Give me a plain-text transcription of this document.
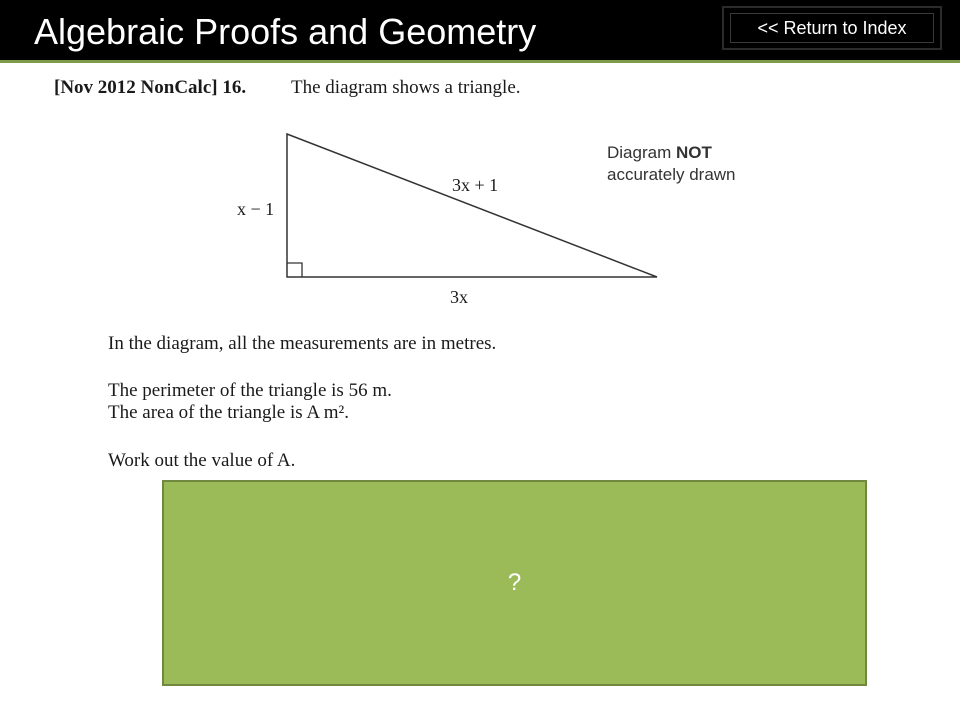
Algebraic Proofs and Geometry	<< Return to Index
[Nov 2012 NonCalc] 16. The diagram shows a triangle.
Diagram NOT
accurately drawn
x − 1
3x + 1
3x
In the diagram, all the measurements are in metres.
The perimeter of the triangle is 56 m.
The area of the triangle is A m².
Work out the value of A.
?
